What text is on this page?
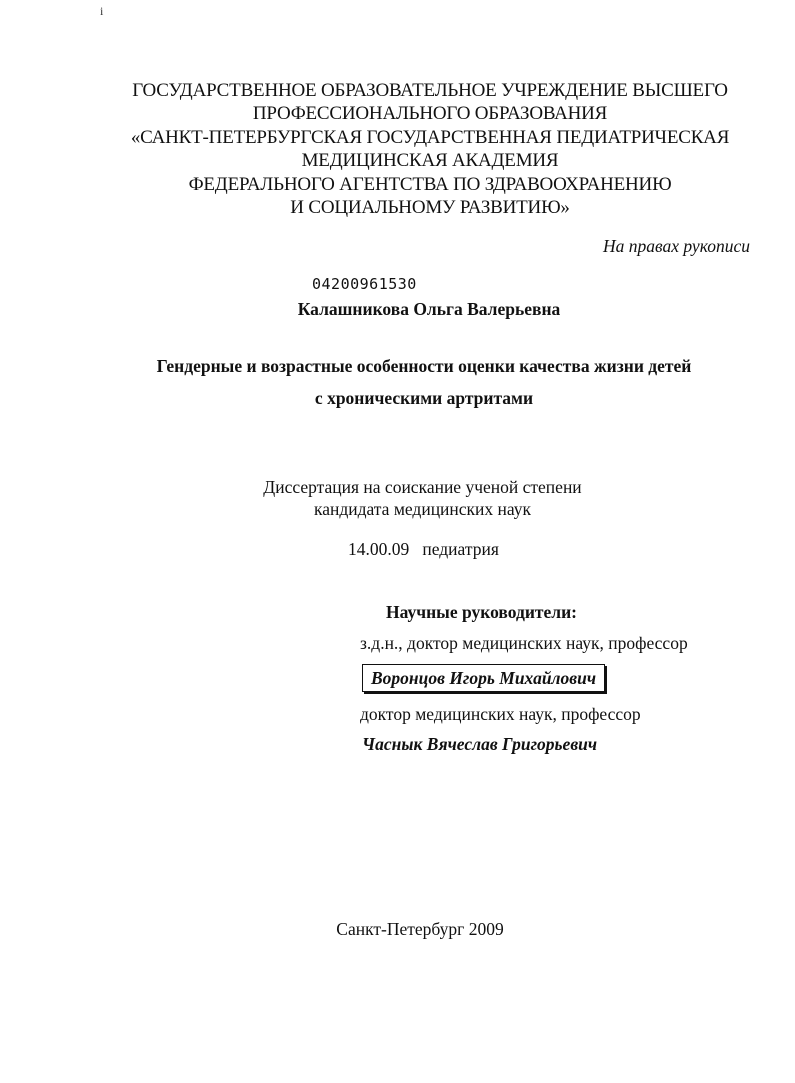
i
ГОСУДАРСТВЕННОЕ ОБРАЗОВАТЕЛЬНОЕ УЧРЕЖДЕНИЕ ВЫСШЕГО
ПРОФЕССИОНАЛЬНОГО ОБРАЗОВАНИЯ
«САНКТ-ПЕТЕРБУРГСКАЯ ГОСУДАРСТВЕННАЯ ПЕДИАТРИЧЕСКАЯ
МЕДИЦИНСКАЯ АКАДЕМИЯ
ФЕДЕРАЛЬНОГО АГЕНТСТВА ПО ЗДРАВООХРАНЕНИЮ
И СОЦИАЛЬНОМУ РАЗВИТИЮ»
На правах рукописи
04200961530
Калашникова Ольга Валерьевна
Гендерные и возрастные особенности оценки качества жизни детей
с хроническими артритами
Диссертация на соискание ученой степени
кандидата медицинских наук
14.00.09   педиатрия
Научные руководители:
з.д.н., доктор медицинских наук, профессор
Воронцов Игорь Михайлович
доктор медицинских наук, профессор
Часнык Вячеслав Григорьевич
Санкт-Петербург 2009
